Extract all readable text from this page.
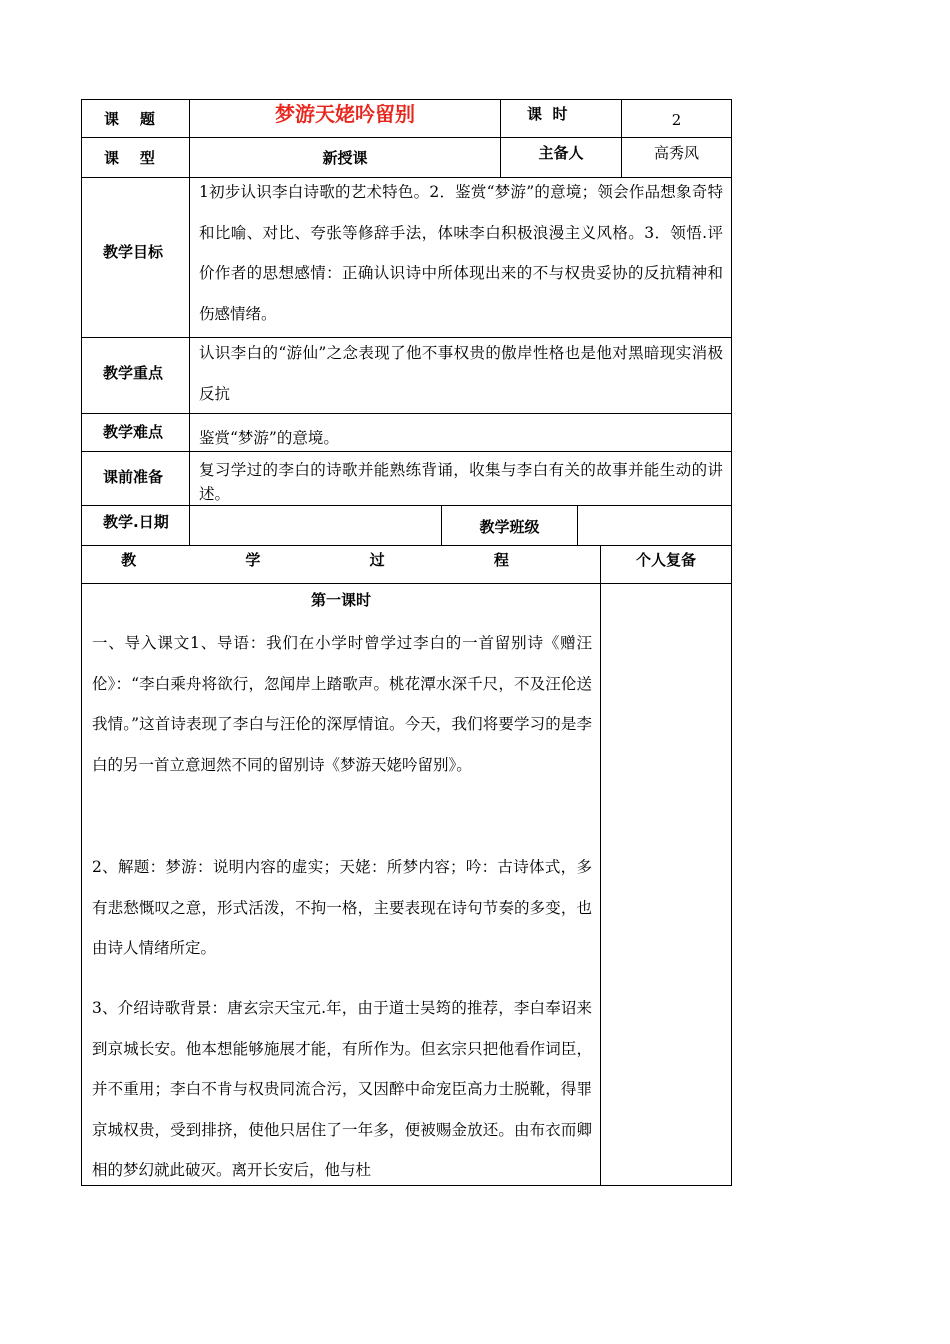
课    题	梦游天姥吟留别	课  时	2
课    型	新授课	主备人	高秀风
教学目标
1初步认识李白诗歌的艺术特色。2．鉴赏“梦游”的意境；领会作品想象奇特和比喻、对比、夸张等修辞手法，体味李白积极浪漫主义风格。3．领悟.评价作者的思想感情：正确认识诗中所体现出来的不与权贵妥协的反抗精神和伤感情绪。
教学重点
认识李白的“游仙”之念表现了他不事权贵的傲岸性格也是他对黑暗现实消极反抗
教学难点 鉴赏“梦游”的意境。
课前准备 复习学过的李白的诗歌并能熟练背诵，收集与李白有关的故事并能生动的讲述。
教学.日期	教学班级
教 学 过 程	个人复备
第一课时
一、导入课文1、导语：我们在小学时曾学过李白的一首留别诗《赠汪伦》：“李白乘舟将欲行，忽闻岸上踏歌声。桃花潭水深千尺，不及汪伦送我情。”这首诗表现了李白与汪伦的深厚情谊。今天，我们将要学习的是李白的另一首立意迥然不同的留别诗《梦游天姥吟留别》。
2、解题：梦游：说明内容的虚实；天姥：所梦内容；吟：古诗体式，多有悲愁慨叹之意，形式活泼，不拘一格，主要表现在诗句节奏的多变，也由诗人情绪所定。
3、介绍诗歌背景：唐玄宗天宝元.年，由于道士吴筠的推荐，李白奉诏来到京城长安。他本想能够施展才能，有所作为。但玄宗只把他看作词臣，并不重用；李白不肯与权贵同流合污，又因醉中命宠臣高力士脱靴，得罪京城权贵，受到排挤，使他只居住了一年多，便被赐金放还。由布衣而卿相的梦幻就此破灭。离开长安后，他与杜
